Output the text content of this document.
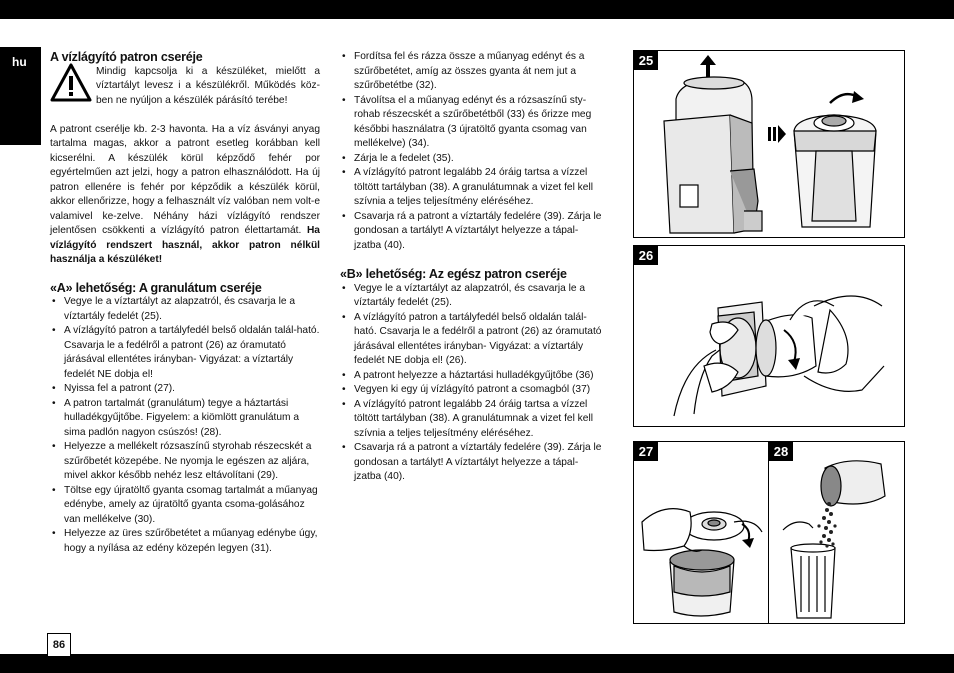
hu
86
A vízlágyító patron cseréje

Mindig kapcsolja ki a készüléket, mielőtt a víztartályt levesz i a készülékről. Működés köz-ben ne nyúljon a készülék párásító terébe!

A patront cserélje kb. 2-3 havonta. Ha a víz ásványi anyag tartalma magas, akkor a patront esetleg korábban kell kicserélni. A készülék körül képződő fehér por egyértelműen azt jelzi, hogy a patron elhasználódott. Ha új patron ellenére is fehér por képződik a készülék körül, akkor ellenőrizze, hogy a felhasznált víz valóban nem volt-e valamivel ke-zelve. Néhány házi vízlágyító rendszer jelentősen csökkenti a vízlágyító patron élettartamát. Ha vízlágyító rendszert használ, akkor patron nélkül használja a készüléket!

«A» lehetőség: A granulátum cseréje
• Vegye le a víztartályt az alapzatról, és csavarja le a víztartály fedelét (25).
• A vízlágyító patron a tartályfedél belső oldalán talál-ható. Csavarja le a fedélről a patront (26) az óramutató járásával ellentétes irányban- Vigyázat: a víztartály fedelét NE dobja el!
• Nyissa fel a patront (27).
• A patron tartalmát (granulátum) tegye a háztartási hulladékgyűjtőbe. Figyelem: a kiömlött granulátum a sima padlón nagyon csúszós! (28).
• Helyezze a mellékelt rózsaszínű styrohab részecskét a szűrőbetét közepébe. Ne nyomja le egészen az aljára, mivel akkor később nehéz lesz eltávolítani (29).
• Töltse egy újratöltő gyanta csomag tartalmát a műanyag edénybe, amely az újratöltő gyanta csoma-golásához van mellékelve (30).
• Helyezze az üres szűrőbetétet a műanyag edénybe úgy, hogy a nyílása az edény közepén legyen (31).
• Fordítsa fel és rázza össze a műanyag edényt és a szűrőbetétet, amíg az összes gyanta át nem jut a szűrőbetétbe (32).
• Távolítsa el a műanyag edényt és a rózsaszínű sty-rohab részecskét a szűrőbetétből (33) és őrizze meg későbbi használatra (3 újratöltő gyanta csomag van mellékelve) (34).
• Zárja le a fedelet (35).
• A vízlágyító patront legalább 24 óráig tartsa a vízzel töltött tartályban (38). A granulátumnak a vizet fel kell szívnia a teljes teljesítmény eléréséhez.
• Csavarja rá a patront a víztartály fedelére (39). Zárja le gondosan a tartályt! A víztartályt helyezze a tápal-jzatba (40).
«B» lehetőség: Az egész patron cseréje
• Vegye le a víztartályt az alapzatról, és csavarja le a víztartály fedelét (25).
• A vízlágyító patron a tartályfedél belső oldalán talál-ható. Csavarja le a fedélről a patront (26) az óramutató járásával ellentétes irányban- Vigyázat: a víztartály fedelét NE dobja el! (26).
• A patront helyezze a háztartási hulladékgyűjtőbe (36)
• Vegyen ki egy új vízlágyító patront a csomagból (37)
• A vízlágyító patront legalább 24 óráig tartsa a vízzel töltött tartályban (38). A granulátumnak a vizet fel kell szívnia a teljes teljesítmény eléréséhez.
• Csavarja rá a patront a víztartály fedelére (39). Zárja le gondosan a tartályt! A víztartályt helyezze a tápal-jzatba (40).
25
26
27	28
